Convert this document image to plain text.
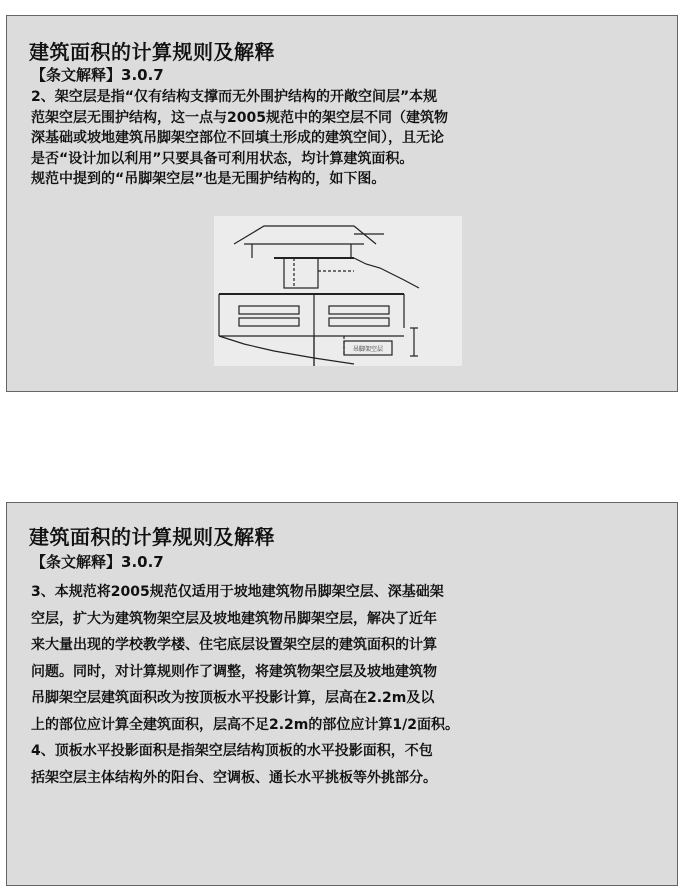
建筑面积的计算规则及解释
【条文解释】3.0.7
2、架空层是指“仅有结构支撑而无外围护结构的开敞空间层”本规
范架空层无围护结构，这一点与2005规范中的架空层不同（建筑物
深基础或坡地建筑吊脚架空部位不回填土形成的建筑空间），且无论
是否“设计加以利用”只要具备可利用状态，均计算建筑面积。
规范中提到的“吊脚架空层”也是无围护结构的，如下图。
吊脚架空层
建筑面积的计算规则及解释
【条文解释】3.0.7
3、本规范将2005规范仅适用于坡地建筑物吊脚架空层、深基础架
空层，扩大为建筑物架空层及坡地建筑物吊脚架空层，解决了近年
来大量出现的学校教学楼、住宅底层设置架空层的建筑面积的计算
问题。同时，对计算规则作了调整，将建筑物架空层及坡地建筑物
吊脚架空层建筑面积改为按顶板水平投影计算，层高在2.2m及以
上的部位应计算全建筑面积，层高不足2.2m的部位应计算1/2面积。
4、顶板水平投影面积是指架空层结构顶板的水平投影面积，不包
括架空层主体结构外的阳台、空调板、通长水平挑板等外挑部分。
